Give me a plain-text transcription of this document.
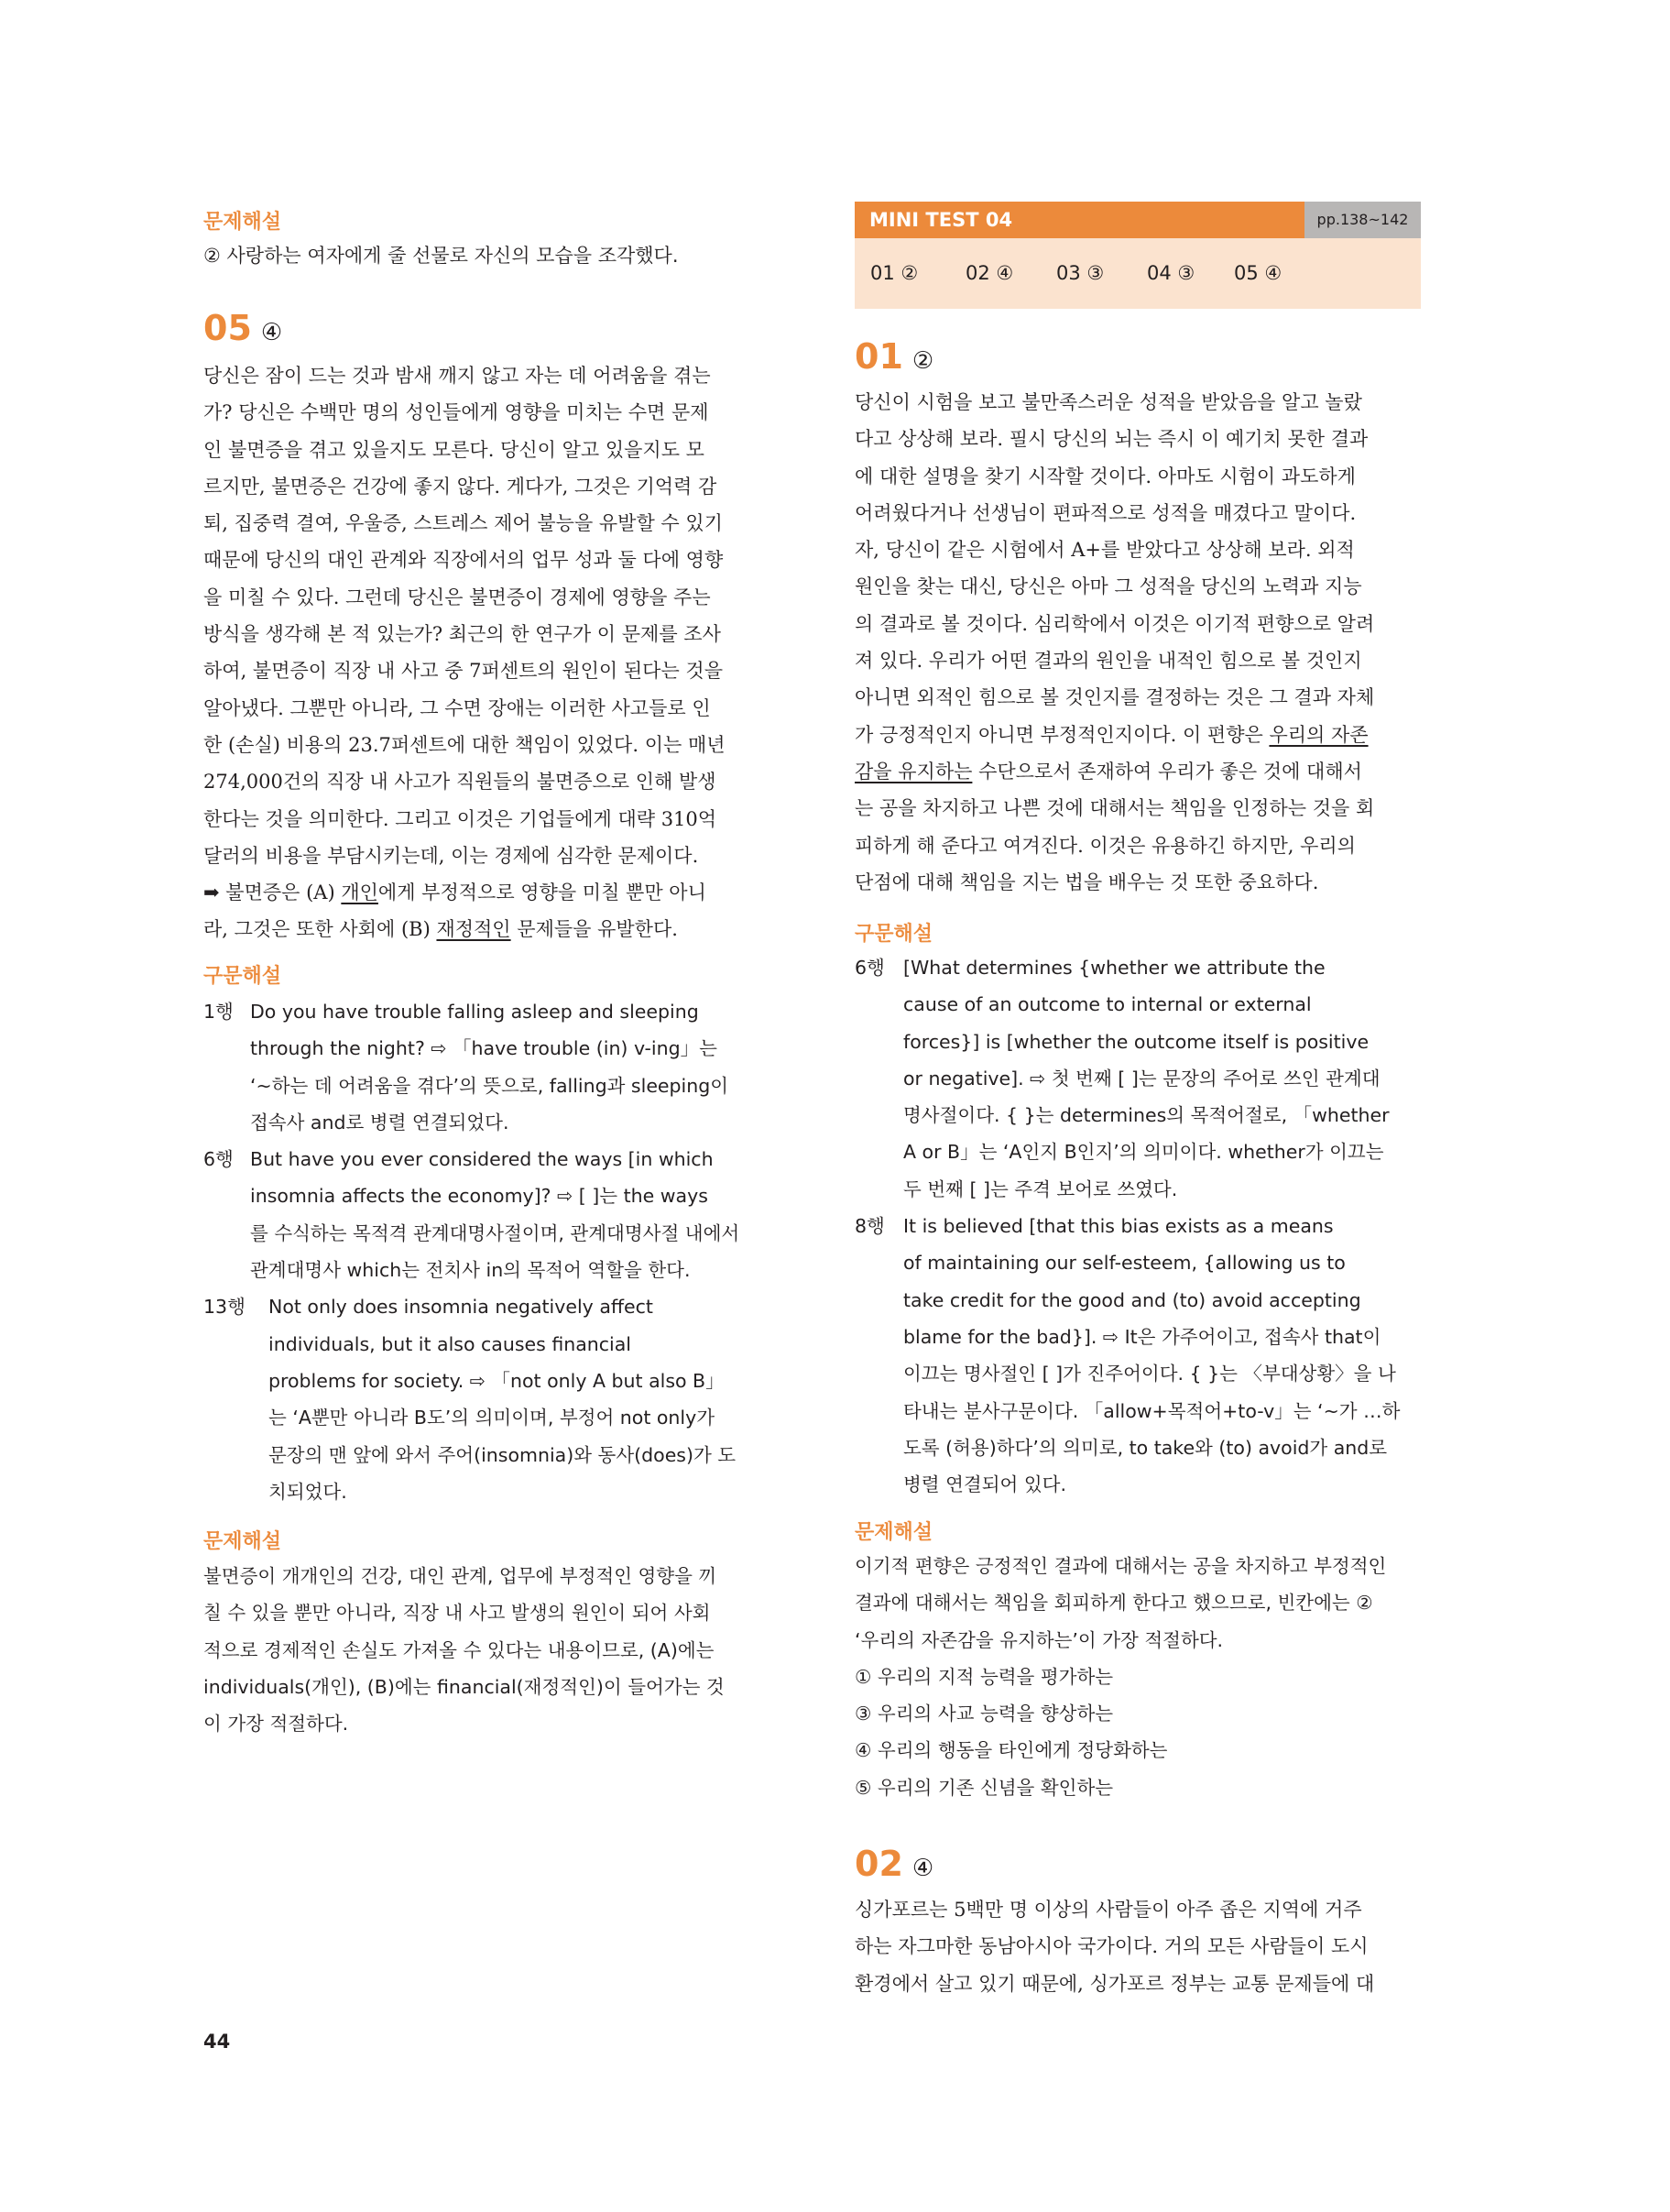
문제해설
② 사랑하는 여자에게 줄 선물로 자신의 모습을 조각했다.
05 ④
당신은 잠이 드는 것과 밤새 깨지 않고 자는 데 어려움을 겪는
가? 당신은 수백만 명의 성인들에게 영향을 미치는 수면 문제
인 불면증을 겪고 있을지도 모른다. 당신이 알고 있을지도 모
르지만, 불면증은 건강에 좋지 않다. 게다가, 그것은 기억력 감
퇴, 집중력 결여, 우울증, 스트레스 제어 불능을 유발할 수 있기
때문에 당신의 대인 관계와 직장에서의 업무 성과 둘 다에 영향
을 미칠 수 있다. 그런데 당신은 불면증이 경제에 영향을 주는
방식을 생각해 본 적 있는가? 최근의 한 연구가 이 문제를 조사
하여, 불면증이 직장 내 사고 중 7퍼센트의 원인이 된다는 것을
알아냈다. 그뿐만 아니라, 그 수면 장애는 이러한 사고들로 인
한 (손실) 비용의 23.7퍼센트에 대한 책임이 있었다. 이는 매년
274,000건의 직장 내 사고가 직원들의 불면증으로 인해 발생
한다는 것을 의미한다. 그리고 이것은 기업들에게 대략 310억
달러의 비용을 부담시키는데, 이는 경제에 심각한 문제이다.
➡ 불면증은 (A) 개인에게 부정적으로 영향을 미칠 뿐만 아니
라, 그것은 또한 사회에 (B) 재정적인 문제들을 유발한다.
구문해설
1행 Do you have trouble falling asleep and sleeping
through the night? ⇨ 「have trouble (in) v-ing」는
‘~하는 데 어려움을 겪다’의 뜻으로, falling과 sleeping이
접속사 and로 병렬 연결되었다.
6행 But have you ever considered the ways [in which
insomnia affects the economy]? ⇨ [ ]는 the ways
를 수식하는 목적격 관계대명사절이며, 관계대명사절 내에서
관계대명사 which는 전치사 in의 목적어 역할을 한다.
13행 Not only does insomnia negatively affect
individuals, but it also causes financial
problems for society. ⇨ 「not only A but also B」
는 ‘A뿐만 아니라 B도’의 의미이며, 부정어 not only가
문장의 맨 앞에 와서 주어(insomnia)와 동사(does)가 도
치되었다.
문제해설
불면증이 개개인의 건강, 대인 관계, 업무에 부정적인 영향을 끼
칠 수 있을 뿐만 아니라, 직장 내 사고 발생의 원인이 되어 사회
적으로 경제적인 손실도 가져올 수 있다는 내용이므로, (A)에는
individuals(개인), (B)에는 financial(재정적인)이 들어가는 것
이 가장 적절하다.
MINI TEST 04	pp.138~142
01 ② 02 ④ 03 ③ 04 ③ 05 ④
01 ②
당신이 시험을 보고 불만족스러운 성적을 받았음을 알고 놀랐
다고 상상해 보라. 필시 당신의 뇌는 즉시 이 예기치 못한 결과
에 대한 설명을 찾기 시작할 것이다. 아마도 시험이 과도하게
어려웠다거나 선생님이 편파적으로 성적을 매겼다고 말이다.
자, 당신이 같은 시험에서 A+를 받았다고 상상해 보라. 외적
원인을 찾는 대신, 당신은 아마 그 성적을 당신의 노력과 지능
의 결과로 볼 것이다. 심리학에서 이것은 이기적 편향으로 알려
져 있다. 우리가 어떤 결과의 원인을 내적인 힘으로 볼 것인지
아니면 외적인 힘으로 볼 것인지를 결정하는 것은 그 결과 자체
가 긍정적인지 아니면 부정적인지이다. 이 편향은 우리의 자존
감을 유지하는 수단으로서 존재하여 우리가 좋은 것에 대해서
는 공을 차지하고 나쁜 것에 대해서는 책임을 인정하는 것을 회
피하게 해 준다고 여겨진다. 이것은 유용하긴 하지만, 우리의
단점에 대해 책임을 지는 법을 배우는 것 또한 중요하다.
구문해설
6행 [What determines {whether we attribute the
cause of an outcome to internal or external
forces}] is [whether the outcome itself is positive
or negative]. ⇨ 첫 번째 [ ]는 문장의 주어로 쓰인 관계대
명사절이다. { }는 determines의 목적어절로, 「whether
A or B」는 ‘A인지 B인지’의 의미이다. whether가 이끄는
두 번째 [ ]는 주격 보어로 쓰였다.
8행 It is believed [that this bias exists as a means
of maintaining our self-esteem, {allowing us to
take credit for the good and (to) avoid accepting
blame for the bad}]. ⇨ It은 가주어이고, 접속사 that이
이끄는 명사절인 [ ]가 진주어이다. { }는 〈부대상황〉을 나
타내는 분사구문이다. 「allow+목적어+to-v」는 ‘~가 …하
도록 (허용)하다’의 의미로, to take와 (to) avoid가 and로
병렬 연결되어 있다.
문제해설
이기적 편향은 긍정적인 결과에 대해서는 공을 차지하고 부정적인
결과에 대해서는 책임을 회피하게 한다고 했으므로, 빈칸에는 ②
‘우리의 자존감을 유지하는’이 가장 적절하다.
① 우리의 지적 능력을 평가하는
③ 우리의 사교 능력을 향상하는
④ 우리의 행동을 타인에게 정당화하는
⑤ 우리의 기존 신념을 확인하는
02 ④
싱가포르는 5백만 명 이상의 사람들이 아주 좁은 지역에 거주
하는 자그마한 동남아시아 국가이다. 거의 모든 사람들이 도시
환경에서 살고 있기 때문에, 싱가포르 정부는 교통 문제들에 대
44
